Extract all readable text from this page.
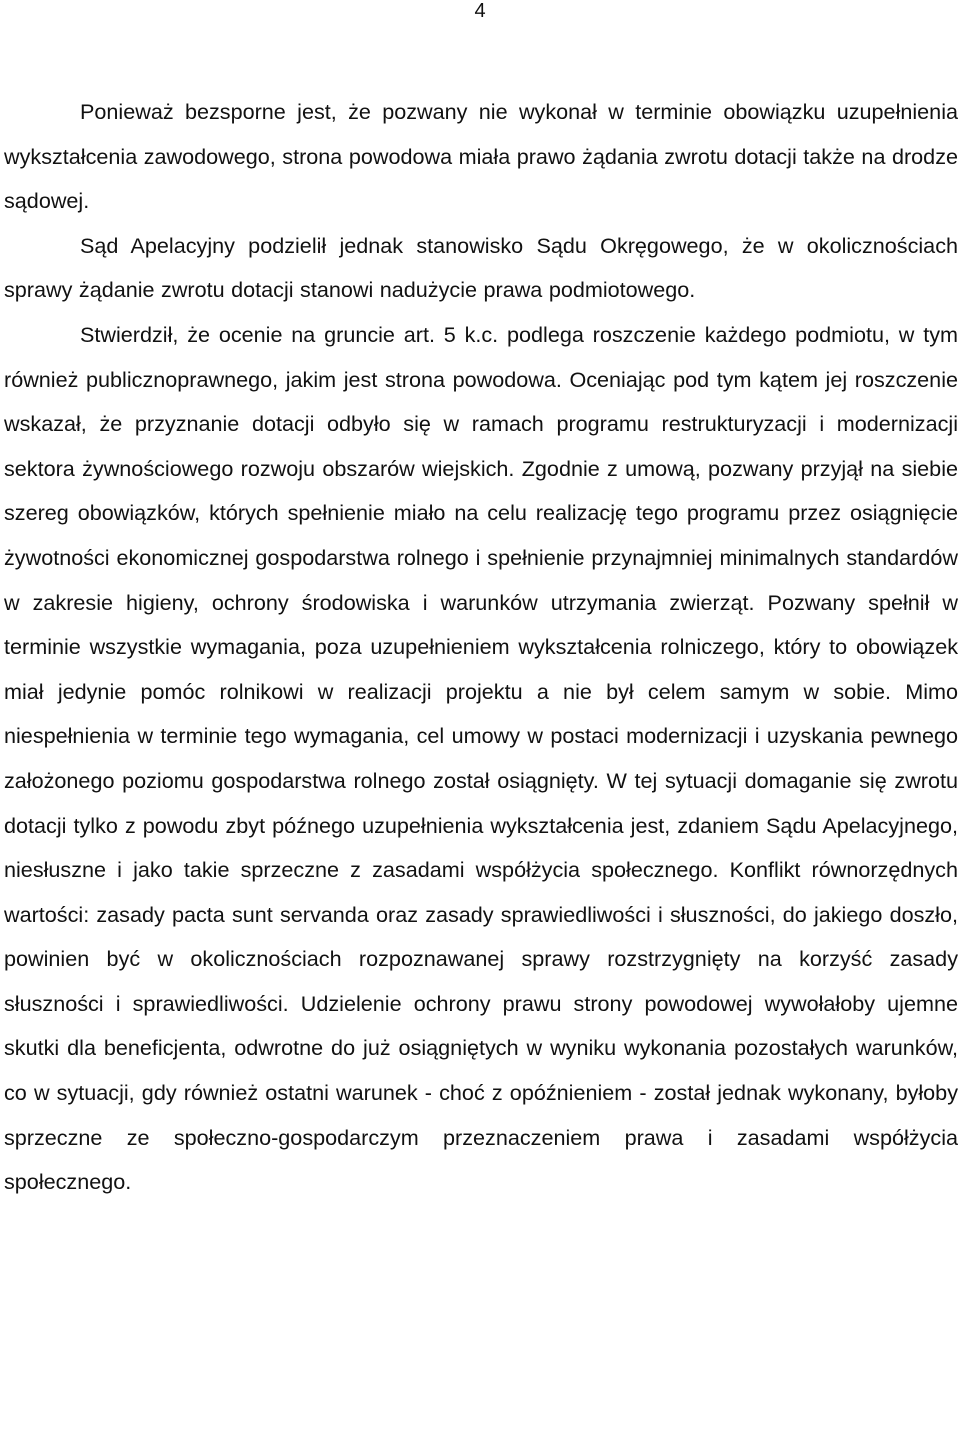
4

Ponieważ bezsporne jest, że pozwany nie wykonał w terminie obowiązku uzupełnienia wykształcenia zawodowego, strona powodowa miała prawo żądania zwrotu dotacji także na drodze sądowej.

Sąd Apelacyjny podzielił jednak stanowisko Sądu Okręgowego, że w okolicznościach sprawy żądanie zwrotu dotacji stanowi nadużycie prawa podmiotowego.

Stwierdził, że ocenie na gruncie art. 5 k.c. podlega roszczenie każdego podmiotu, w tym również publicznoprawnego, jakim jest strona powodowa. Oceniając pod tym kątem jej roszczenie wskazał, że przyznanie dotacji odbyło się w ramach programu restrukturyzacji i modernizacji sektora żywnościowego rozwoju obszarów wiejskich. Zgodnie z umową, pozwany przyjął na siebie szereg obowiązków, których spełnienie miało na celu realizację tego programu przez osiągnięcie żywotności ekonomicznej gospodarstwa rolnego i spełnienie przynajmniej minimalnych standardów w zakresie higieny, ochrony środowiska i warunków utrzymania zwierząt. Pozwany spełnił w terminie wszystkie wymagania, poza uzupełnieniem wykształcenia rolniczego, który to obowiązek miał jedynie pomóc rolnikowi w realizacji projektu a nie był celem samym w sobie. Mimo niespełnienia w terminie tego wymagania, cel umowy w postaci modernizacji i uzyskania pewnego założonego poziomu gospodarstwa rolnego został osiągnięty. W tej sytuacji domaganie się zwrotu dotacji tylko z powodu zbyt późnego uzupełnienia wykształcenia jest, zdaniem Sądu Apelacyjnego, niesłuszne i jako takie sprzeczne z zasadami współżycia społecznego. Konflikt równorzędnych wartości: zasady pacta sunt servanda oraz zasady sprawiedliwości i słuszności, do jakiego doszło, powinien być w okolicznościach rozpoznawanej sprawy rozstrzygnięty na korzyść zasady słuszności i sprawiedliwości. Udzielenie ochrony prawu strony powodowej wywołałoby ujemne skutki dla beneficjenta, odwrotne do już osiągniętych w wyniku wykonania pozostałych warunków, co w sytuacji, gdy również ostatni warunek - choć z opóźnieniem - został jednak wykonany, byłoby sprzeczne ze społeczno-gospodarczym przeznaczeniem prawa i zasadami współżycia społecznego.
